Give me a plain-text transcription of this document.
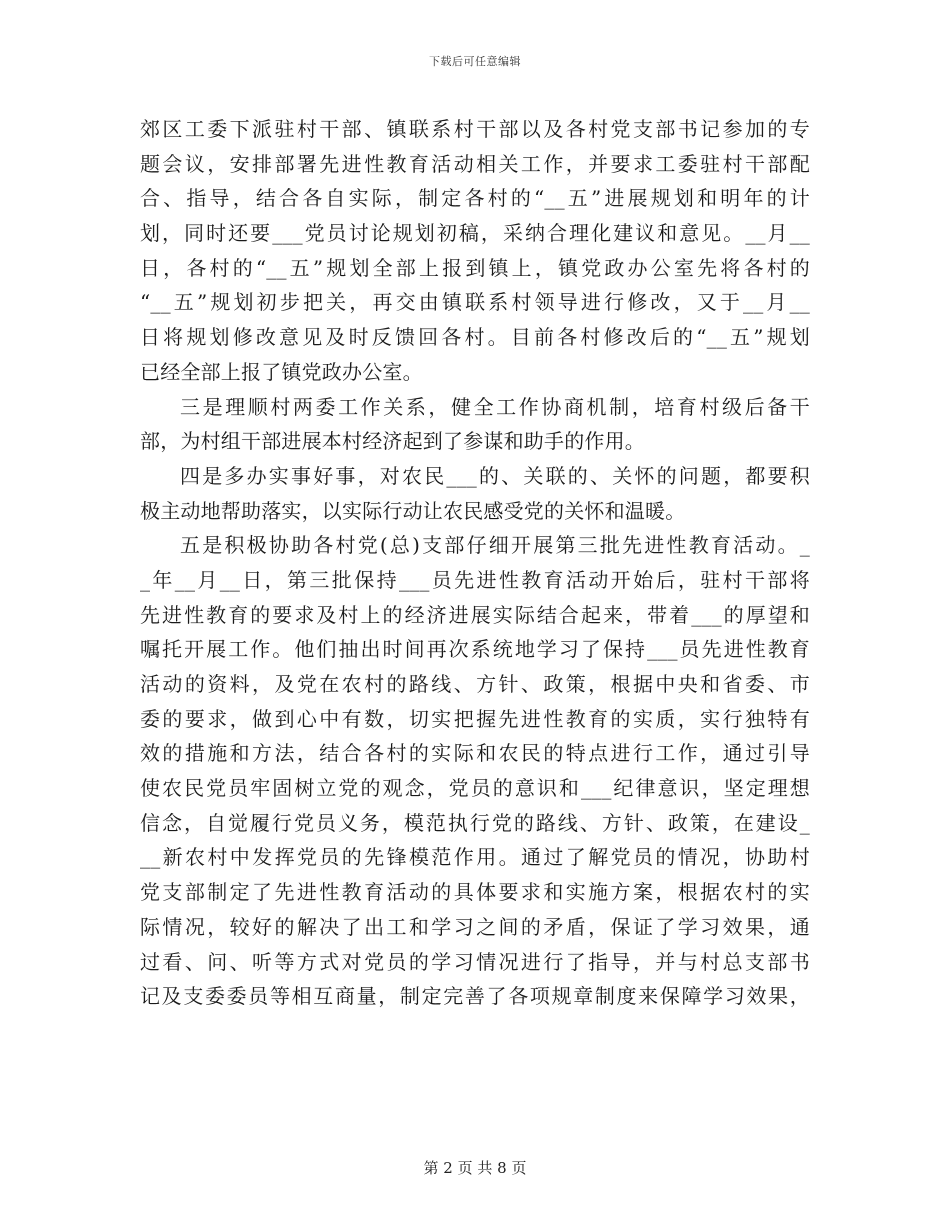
下载后可任意编辑
郊区工委下派驻村干部、镇联系村干部以及各村党支部书记参加的专
题会议，安排部署先进性教育活动相关工作，并要求工委驻村干部配
合、指导，结合各自实际，制定各村的“__五”进展规划和明年的计
划，同时还要___党员讨论规划初稿，采纳合理化建议和意见。__月__
日，各村的“__五”规划全部上报到镇上，镇党政办公室先将各村的
“__五”规划初步把关，再交由镇联系村领导进行修改，又于__月__
日将规划修改意见及时反馈回各村。目前各村修改后的“__五”规划
已经全部上报了镇党政办公室。
三是理顺村两委工作关系，健全工作协商机制，培育村级后备干
部，为村组干部进展本村经济起到了参谋和助手的作用。
四是多办实事好事，对农民___的、关联的、关怀的问题，都要积
极主动地帮助落实，以实际行动让农民感受党的关怀和温暖。
五是积极协助各村党(总)支部仔细开展第三批先进性教育活动。_
_年__月__日，第三批保持___员先进性教育活动开始后，驻村干部将
先进性教育的要求及村上的经济进展实际结合起来，带着___的厚望和
嘱托开展工作。他们抽出时间再次系统地学习了保持___员先进性教育
活动的资料，及党在农村的路线、方针、政策，根据中央和省委、市
委的要求，做到心中有数，切实把握先进性教育的实质，实行独特有
效的措施和方法，结合各村的实际和农民的特点进行工作，通过引导
使农民党员牢固树立党的观念，党员的意识和___纪律意识，坚定理想
信念，自觉履行党员义务，模范执行党的路线、方针、政策，在建设_
__新农村中发挥党员的先锋模范作用。通过了解党员的情况，协助村
党支部制定了先进性教育活动的具体要求和实施方案，根据农村的实
际情况，较好的解决了出工和学习之间的矛盾，保证了学习效果，通
过看、问、听等方式对党员的学习情况进行了指导，并与村总支部书
记及支委委员等相互商量，制定完善了各项规章制度来保障学习效果，
第 2 页 共 8 页
